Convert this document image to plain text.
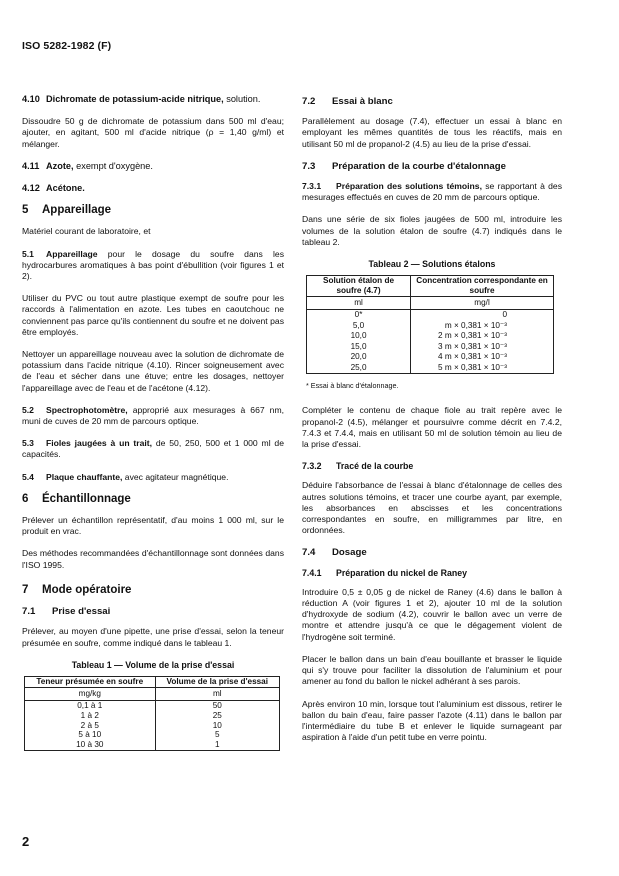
ISO 5282-1982 (F)
4.10 Dichromate de potassium-acide nitrique, solution.

Dissoudre 50 g de dichromate de potassium dans 500 ml d'eau; ajouter, en agitant, 500 ml d'acide nitrique (ρ = 1,40 g/ml) et mélanger.

4.11 Azote, exempt d'oxygène.
4.12 Acétone.
5 Appareillage

Matériel courant de laboratoire, et

5.1 Appareillage pour le dosage du soufre dans les hydrocarbures aromatiques à bas point d'ébullition (voir figures 1 et 2).

Utiliser du PVC ou tout autre plastique exempt de soufre pour les raccords à l'alimentation en azote. Les tubes en caoutchouc ne conviennent pas parce qu'ils contiennent du soufre et ne doivent pas être employés.

Nettoyer un appareillage nouveau avec la solution de dichromate de potassium dans l'acide nitrique (4.10). Rincer soigneusement avec de l'eau et sécher dans une étuve; entre les dosages, nettoyer l'appareillage avec de l'eau et de l'acétone (4.12).

5.2 Spectrophotomètre, approprié aux mesurages à 667 nm, muni de cuves de 20 mm de parcours optique.

5.3 Fioles jaugées à un trait, de 50, 250, 500 et 1 000 ml de capacités.

5.4 Plaque chauffante, avec agitateur magnétique.

6 Échantillonnage

Prélever un échantillon représentatif, d'au moins 1 000 ml, sur le produit en vrac.

Des méthodes recommandées d'échantillonnage sont données dans l'ISO 1995.

7 Mode opératoire
7.1 Prise d'essai

Prélever, au moyen d'une pipette, une prise d'essai, selon la teneur présumée en soufre, comme indiqué dans le tableau 1.

Tableau 1 — Volume de la prise d'essai
Teneur présumée en soufre	Volume de la prise d'essai
mg/kg	ml
0,1 à 1	50
1 à 2	25
2 à 5	10
5 à 10	5
10 à 30	1
7.2 Essai à blanc

Parallèlement au dosage (7.4), effectuer un essai à blanc en employant les mêmes quantités de tous les réactifs, mais en utilisant 50 ml de propanol-2 (4.5) au lieu de la prise d'essai.

7.3 Préparation de la courbe d'étalonnage

7.3.1 Préparation des solutions témoins, se rapportant à des mesurages effectués en cuves de 20 mm de parcours optique.

Dans une série de six fioles jaugées de 500 ml, introduire les volumes de la solution étalon de soufre (4.7) indiqués dans le tableau 2.

Tableau 2 — Solutions étalons
Solution étalon de soufre (4.7)	Concentration correspondante en soufre
ml	mg/l
0*	0
5,0	m × 0,381 × 10⁻³
10,0	2 m × 0,381 × 10⁻³
15,0	3 m × 0,381 × 10⁻³
20,0	4 m × 0,381 × 10⁻³
25,0	5 m × 0,381 × 10⁻³
* Essai à blanc d'étalonnage.

Compléter le contenu de chaque fiole au trait repère avec le propanol-2 (4.5), mélanger et poursuivre comme décrit en 7.4.2, 7.4.3 et 7.4.4, mais en utilisant 50 ml de solution témoin au lieu de la prise d'essai.

7.3.2 Tracé de la courbe

Déduire l'absorbance de l'essai à blanc d'étalonnage de celles des autres solutions témoins, et tracer une courbe ayant, par exemple, les absorbances en abscisses et les concentrations correspondantes en soufre, en milligrammes par litre, en ordonnées.

7.4 Dosage
7.4.1 Préparation du nickel de Raney

Introduire 0,5 ± 0,05 g de nickel de Raney (4.6) dans le ballon à réduction A (voir figures 1 et 2), ajouter 10 ml de la solution d'hydroxyde de sodium (4.2), couvrir le ballon avec un verre de montre et attendre jusqu'à ce que le dégagement violent de l'hydrogène soit terminé.

Placer le ballon dans un bain d'eau bouillante et brasser le liquide qui s'y trouve pour faciliter la dissolution de l'aluminium et pour amener au fond du ballon le nickel adhérant à ses parois.

Après environ 10 min, lorsque tout l'aluminium est dissous, retirer le ballon du bain d'eau, faire passer l'azote (4.11) dans le ballon par l'intermédiaire du tube B et enlever le liquide surnageant par aspiration à l'aide d'un petit tube en verre pointu.

2
